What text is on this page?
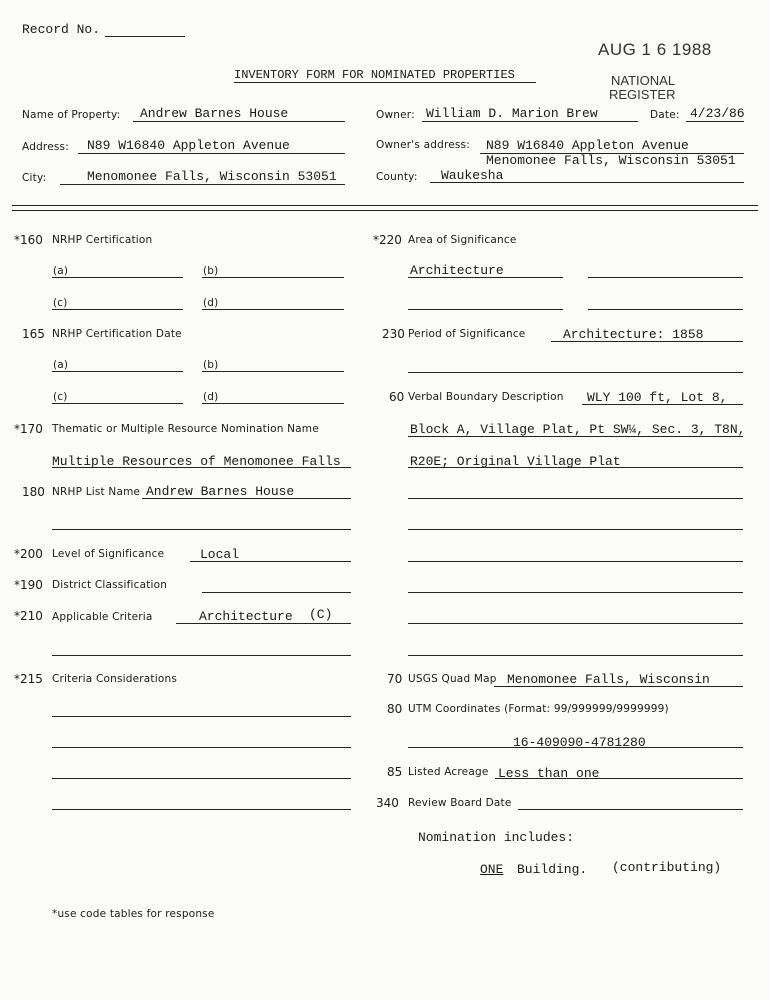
Record No.
AUG 1 6 1988
NATIONAL
REGISTER
INVENTORY FORM FOR NOMINATED PROPERTIES
Name of Property: Andrew Barnes House
Address: N89 W16840 Appleton Avenue
City:	Menomonee Falls, Wisconsin 53051
Owner: William D. Marion Brew	Date: 4/23/86
Owner's address: N89 W16840 Appleton Avenue
Menomonee Falls, Wisconsin 53051
County: Waukesha
*160 NRHP Certification
(a)	(b)
(c)	(d)
165 NRHP Certification Date
(a)	(b)
(c)	(d)
*170 Thematic or Multiple Resource Nomination Name
Multiple Resources of Menomonee Falls
180 NRHP List Name Andrew Barnes House
*200 Level of Significance	Local
*190 District Classification
*210 Applicable Criteria	Architecture (C)
*215 Criteria Considerations
*use code tables for response
*220 Area of Significance
Architecture
230 Period of Significance	Architecture: 1858
60 Verbal Boundary Description WLY 100 ft, Lot 8,
Block A, Village Plat, Pt SW¼, Sec. 3, T8N,
R20E; Original Village Plat
70 USGS Quad Map Menomonee Falls, Wisconsin
80 UTM Coordinates (Format: 99/999999/9999999)
16-409090-4781280
85 Listed Acreage Less than one
340 Review Board Date
Nomination includes:
ONE Building. (contributing)
